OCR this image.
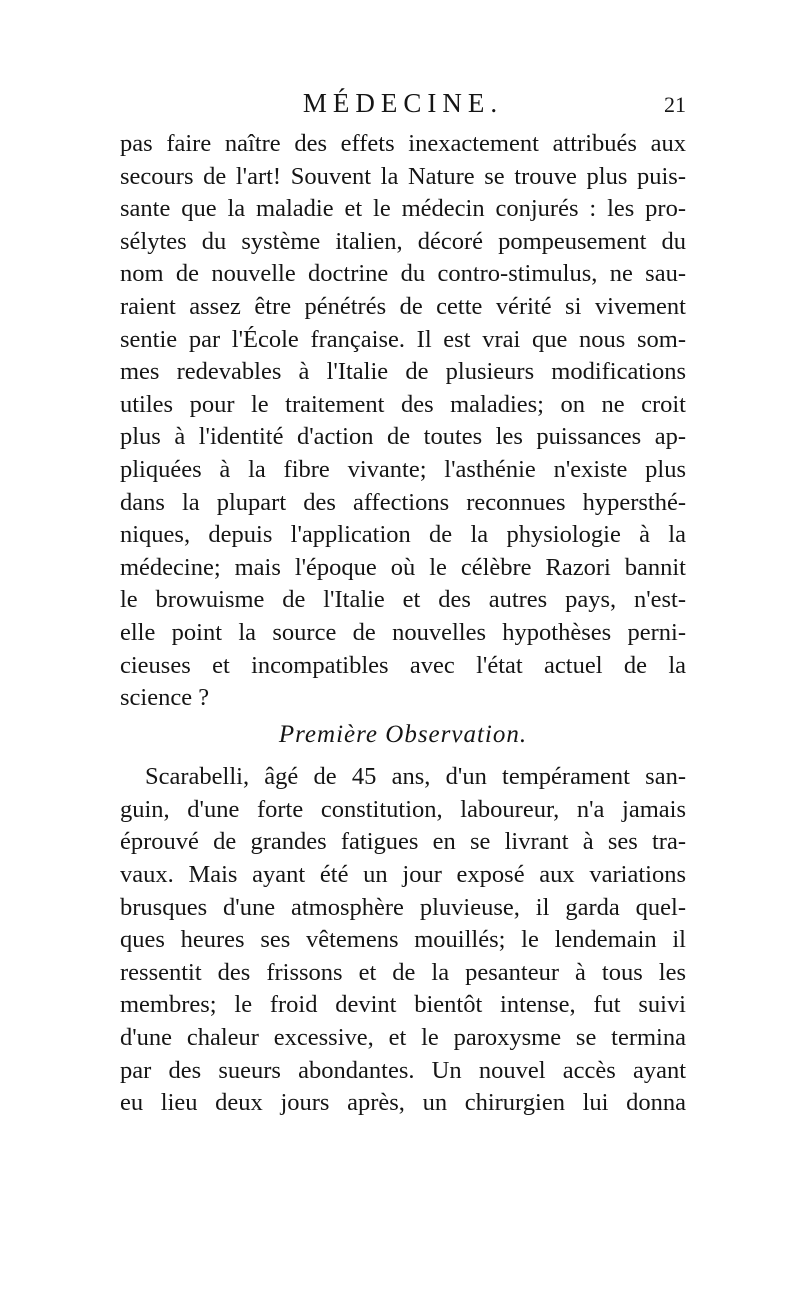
MÉDECINE.	21
pas faire naître des effets inexactement attribués aux
secours de l'art! Souvent la Nature se trouve plus puis-
sante que la maladie et le médecin conjurés : les pro-
sélytes du système italien, décoré pompeusement du
nom de nouvelle doctrine du contro-stimulus, ne sau-
raient assez être pénétrés de cette vérité si vivement
sentie par l'École française. Il est vrai que nous som-
mes redevables à l'Italie de plusieurs modifications
utiles pour le traitement des maladies; on ne croit
plus à l'identité d'action de toutes les puissances ap-
pliquées à la fibre vivante; l'asthénie n'existe plus
dans la plupart des affections reconnues hypersthé-
niques, depuis l'application de la physiologie à la
médecine; mais l'époque où le célèbre Razori bannit
le browuisme de l'Italie et des autres pays, n'est-
elle point la source de nouvelles hypothèses perni-
cieuses et incompatibles avec l'état actuel de la
science ?
Première Observation.
Scarabelli, âgé de 45 ans, d'un tempérament san-
guin, d'une forte constitution, laboureur, n'a jamais
éprouvé de grandes fatigues en se livrant à ses tra-
vaux. Mais ayant été un jour exposé aux variations
brusques d'une atmosphère pluvieuse, il garda quel-
ques heures ses vêtemens mouillés; le lendemain il
ressentit des frissons et de la pesanteur à tous les
membres; le froid devint bientôt intense, fut suivi
d'une chaleur excessive, et le paroxysme se termina
par des sueurs abondantes. Un nouvel accès ayant
eu lieu deux jours après, un chirurgien lui donna
